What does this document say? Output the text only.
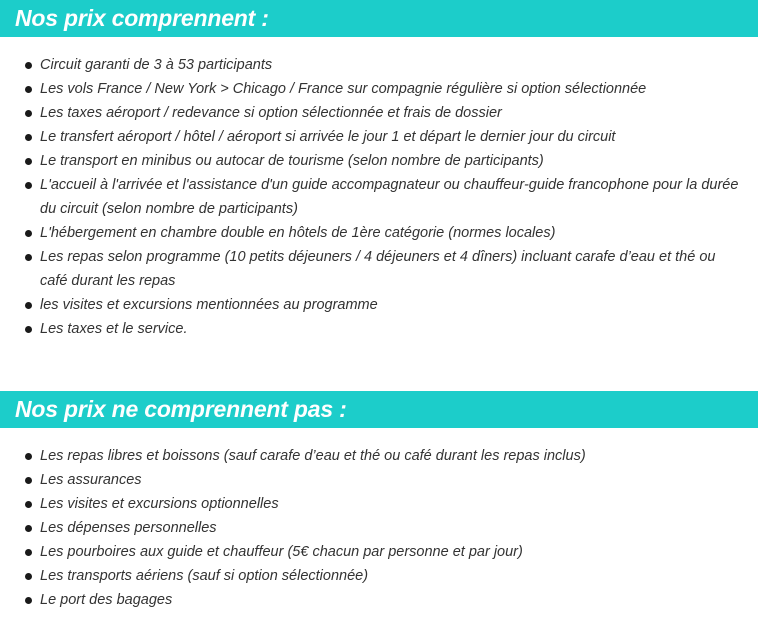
Nos prix comprennent :
Circuit garanti de 3 à 53 participants
Les vols France / New York > Chicago / France sur compagnie régulière si option sélectionnée
Les taxes aéroport / redevance si option sélectionnée et frais de dossier
Le transfert aéroport / hôtel / aéroport si arrivée le jour 1 et départ le dernier jour du circuit
Le transport en minibus ou autocar de tourisme (selon nombre de participants)
L'accueil à l'arrivée et l'assistance d'un guide accompagnateur ou chauffeur-guide francophone pour la durée du circuit (selon nombre de participants)
L'hébergement en chambre double en hôtels de 1ère catégorie (normes locales)
Les repas selon programme (10 petits déjeuners / 4 déjeuners et 4 dîners) incluant carafe d’eau et thé ou café durant les repas
les visites et excursions mentionnées au programme
Les taxes et le service.
Nos prix ne comprennent pas :
Les repas libres et boissons (sauf carafe d’eau et thé ou café durant les repas inclus)
Les assurances
Les visites et excursions optionnelles
Les dépenses personnelles
Les pourboires aux guide et chauffeur (5€ chacun par personne et par jour)
Les transports aériens (sauf si option sélectionnée)
Le port des bagages
